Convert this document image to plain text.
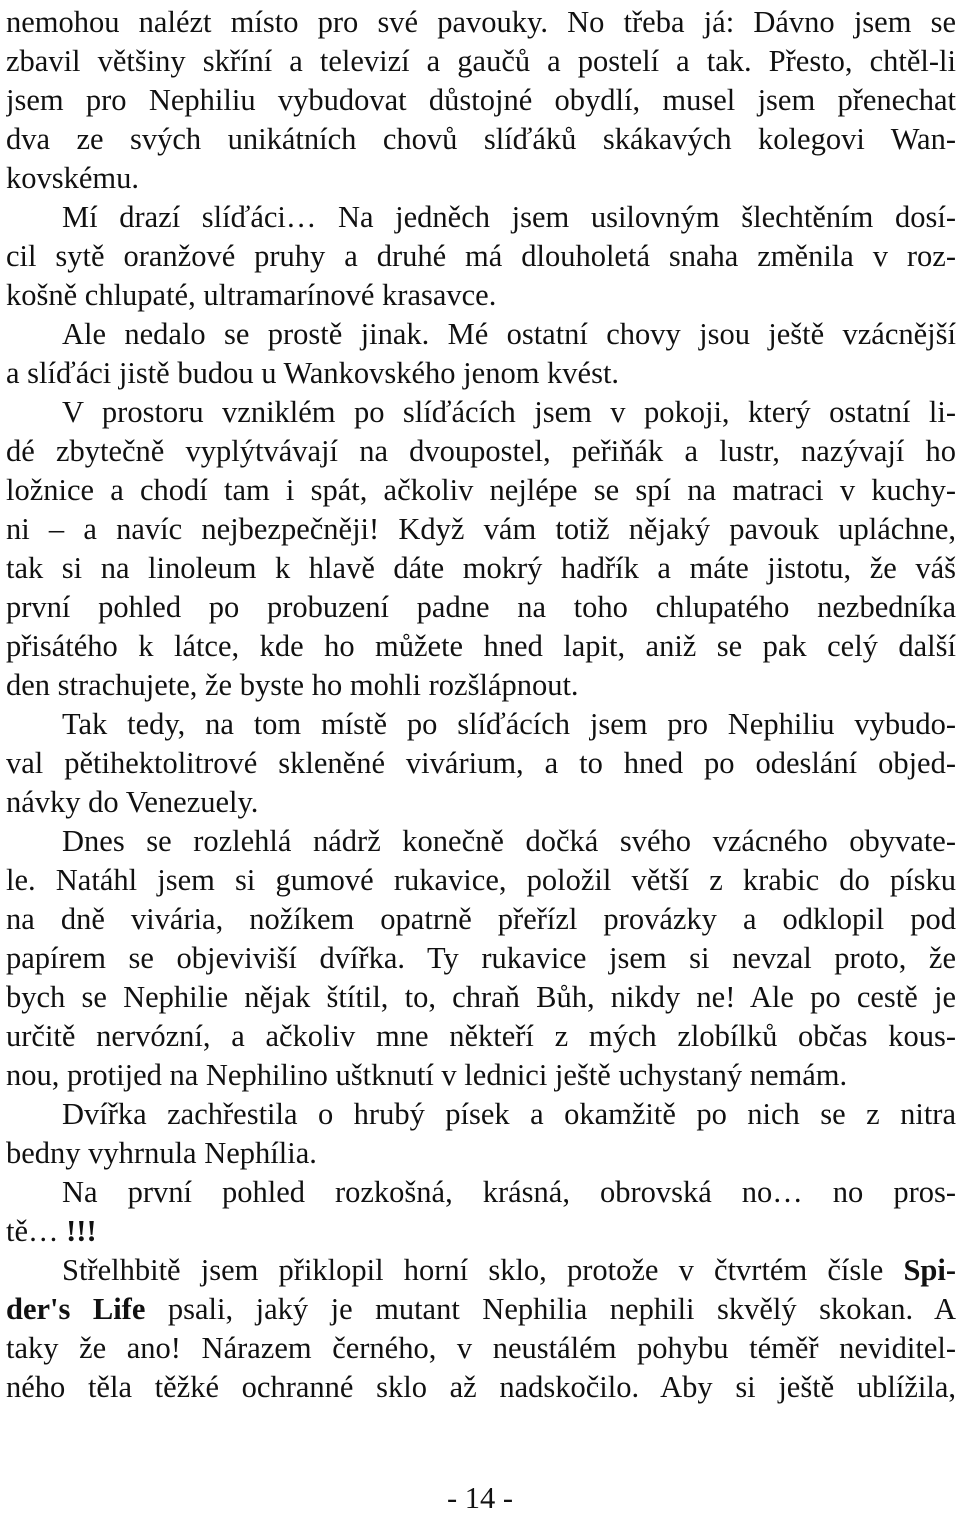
nemohou nalézt místo pro své pavouky. No třeba já: Dávno jsem se
zbavil většiny skříní a televizí a gaučů a postelí a tak. Přesto, chtěl-li
jsem pro Nephiliu vybudovat důstojné obydlí, musel jsem přenechat
dva ze svých unikátních chovů slíďáků skákavých kolegovi Wan-
kovskému.
Mí drazí slíďáci… Na jedněch jsem usilovným šlechtěním dosí-
cil sytě oranžové pruhy a druhé má dlouholetá snaha změnila v roz-
košně chlupaté, ultramarínové krasavce.
Ale nedalo se prostě jinak. Mé ostatní chovy jsou ještě vzácnější
a slíďáci jistě budou u Wankovského jenom kvést.
V prostoru vzniklém po slíďácích jsem v pokoji, který ostatní li-
dé zbytečně vyplýtvávají na dvoupostel, peřiňák a lustr, nazývají ho
ložnice a chodí tam i spát, ačkoliv nejlépe se spí na matraci v kuchy-
ni – a navíc nejbezpečněji! Když vám totiž nějaký pavouk upláchne,
tak si na linoleum k hlavě dáte mokrý hadřík a máte jistotu, že váš
první pohled po probuzení padne na toho chlupatého nezbedníka
přisátého k látce, kde ho můžete hned lapit, aniž se pak celý další
den strachujete, že byste ho mohli rozšlápnout.
Tak tedy, na tom místě po slíďácích jsem pro Nephiliu vybudo-
val pětihektolitrové skleněné vivárium, a to hned po odeslání objed-
návky do Venezuely.
Dnes se rozlehlá nádrž konečně dočká svého vzácného obyvate-
le. Natáhl jsem si gumové rukavice, položil větší z krabic do písku
na dně vivária, nožíkem opatrně přeřízl provázky a odklopil pod
papírem se objeviviší dvířka. Ty rukavice jsem si nevzal proto, že
bych se Nephilie nějak štítil, to, chraň Bůh, nikdy ne! Ale po cestě je
určitě nervózní, a ačkoliv mne někteří z mých zlobílků občas kous-
nou, protijed na Nephilino uštknutí v lednici ještě uchystaný nemám.
Dvířka zachřestila o hrubý písek a okamžitě po nich se z nitra
bedny vyhrnula Nephília.
Na první pohled rozkošná, krásná, obrovská no… no pros-
tě… !!!
Střelhbitě jsem přiklopil horní sklo, protože v čtvrtém čísle Spi-
der's Life psali, jaký je mutant Nephilia nephili skvělý skokan. A
taky že ano! Nárazem černého, v neustálém pohybu téměř neviditel-
ného těla těžké ochranné sklo až nadskočilo. Aby si ještě ublížila,
- 14 -
